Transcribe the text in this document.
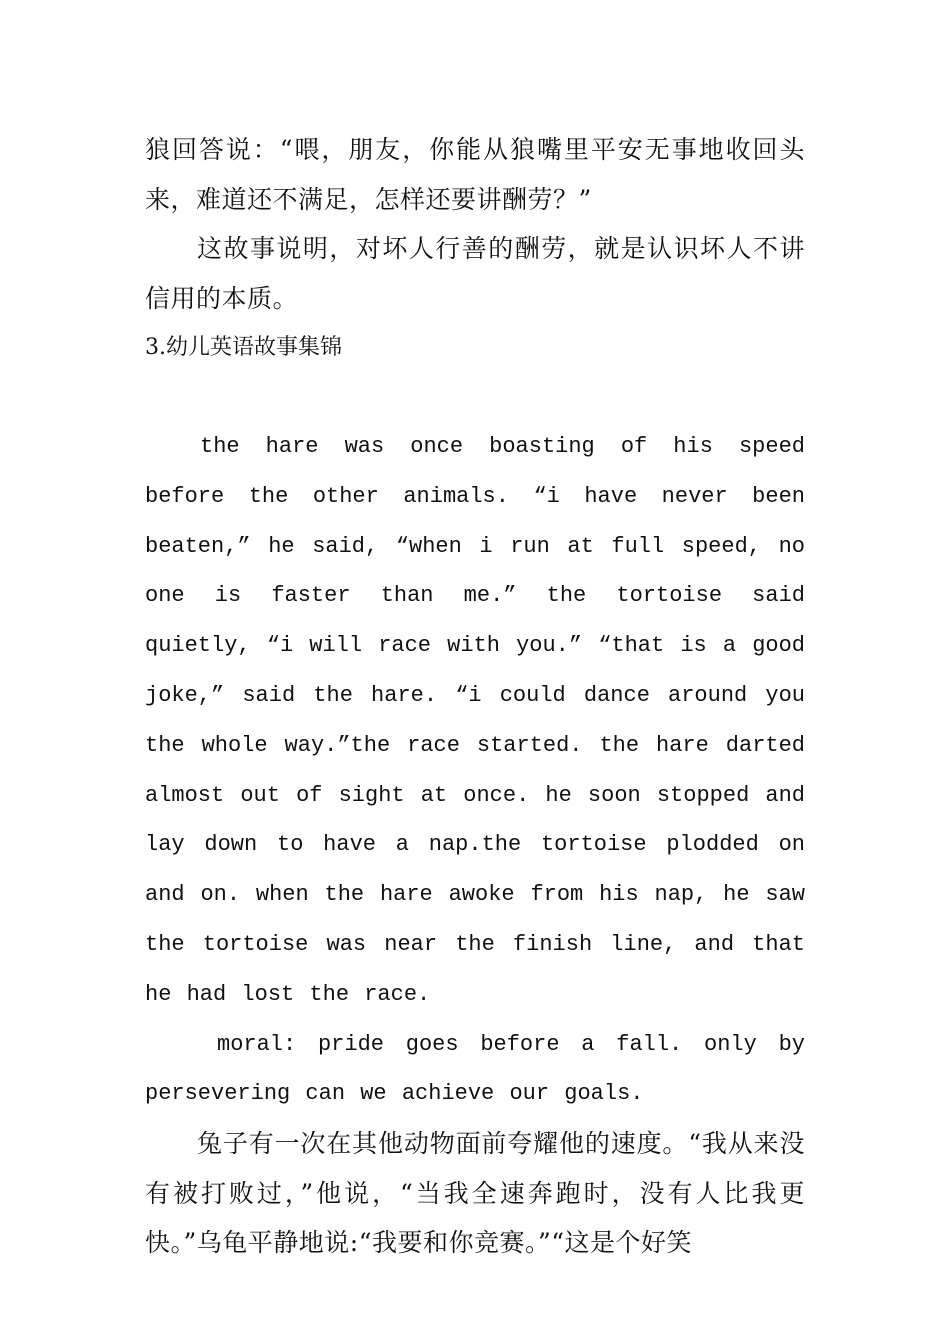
狼回答说：“喂，朋友，你能从狼嘴里平安无事地收回头来，难道还不满足，怎样还要讲酬劳？”

这故事说明，对坏人行善的酬劳，就是认识坏人不讲信用的本质。

3.幼儿英语故事集锦

the hare was once boasting of his speed before the other animals. “i have never been beaten,” he said, “when i run at full speed, no one is faster than me.” the tortoise said quietly, “i will race with you.” “that is a good joke,” said the hare. “i could dance around you the whole way.”the race started. the hare darted almost out of sight at once. he soon stopped and lay down to have a nap.the tortoise plodded on and on. when the hare awoke from his nap, he saw the tortoise was near the finish line, and that he had lost the race.

moral: pride goes before a fall. only by persevering can we achieve our goals.

兔子有一次在其他动物面前夸耀他的速度。“我从来没有被打败过，”他说，“当我全速奔跑时，没有人比我更快。”乌龟平静地说:“我要和你竞赛。”“这是个好笑
